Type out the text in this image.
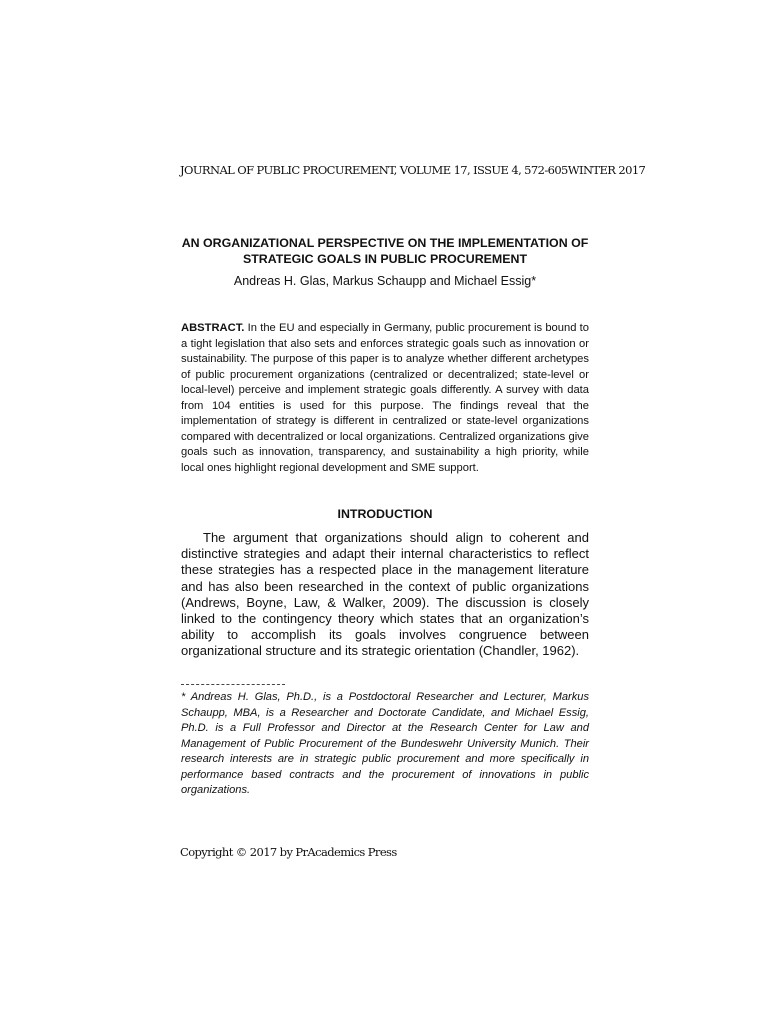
JOURNAL OF PUBLIC PROCUREMENT, VOLUME 17, ISSUE 4, 572-605 WINTER 2017
AN ORGANIZATIONAL PERSPECTIVE ON THE IMPLEMENTATION OF STRATEGIC GOALS IN PUBLIC PROCUREMENT
Andreas H. Glas, Markus Schaupp and Michael Essig*
ABSTRACT. In the EU and especially in Germany, public procurement is bound to a tight legislation that also sets and enforces strategic goals such as innovation or sustainability. The purpose of this paper is to analyze whether different archetypes of public procurement organizations (centralized or decentralized; state-level or local-level) perceive and implement strategic goals differently. A survey with data from 104 entities is used for this purpose. The findings reveal that the implementation of strategy is different in centralized or state-level organizations compared with decentralized or local organizations. Centralized organizations give goals such as innovation, transparency, and sustainability a high priority, while local ones highlight regional development and SME support.
INTRODUCTION
The argument that organizations should align to coherent and distinctive strategies and adapt their internal characteristics to reflect these strategies has a respected place in the management literature and has also been researched in the context of public organizations (Andrews, Boyne, Law, & Walker, 2009). The discussion is closely linked to the contingency theory which states that an organization’s ability to accomplish its goals involves congruence between organizational structure and its strategic orientation (Chandler, 1962).
* Andreas H. Glas, Ph.D., is a Postdoctoral Researcher and Lecturer, Markus Schaupp, MBA, is a Researcher and Doctorate Candidate, and Michael Essig, Ph.D. is a Full Professor and Director at the Research Center for Law and Management of Public Procurement of the Bundeswehr University Munich. Their research interests are in strategic public procurement and more specifically in performance based contracts and the procurement of innovations in public organizations.
Copyright © 2017 by PrAcademics Press
